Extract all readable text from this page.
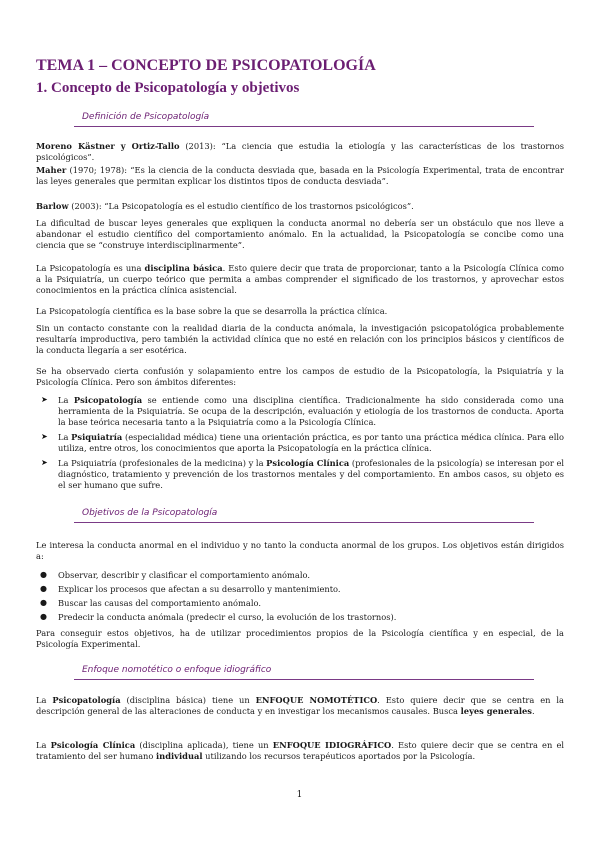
TEMA 1 – CONCEPTO DE PSICOPATOLOGÍA
1. Concepto de Psicopatología y objetivos
Definición de Psicopatología

Moreno Kästner y Ortiz-Tallo (2013): “La ciencia que estudia la etiología y las características de los trastornos psicológicos”.

Maher (1970; 1978): “Es la ciencia de la conducta desviada que, basada en la Psicología Experimental, trata de encontrar las leyes generales que permitan explicar los distintos tipos de conducta desviada”.

Barlow (2003): “La Psicopatología es el estudio científico de los trastornos psicológicos”.

La dificultad de buscar leyes generales que expliquen la conducta anormal no debería ser un obstáculo que nos lleve a abandonar el estudio científico del comportamiento anómalo. En la actualidad, la Psicopatología se concibe como una ciencia que se “construye interdisciplinarmente”.

La Psicopatología es una disciplina básica. Esto quiere decir que trata de proporcionar, tanto a la Psicología Clínica como a la Psiquiatría, un cuerpo teórico que permita a ambas comprender el significado de los trastornos, y aprovechar estos conocimientos en la práctica clínica asistencial.

La Psicopatología científica es la base sobre la que se desarrolla la práctica clínica.

Sin un contacto constante con la realidad diaria de la conducta anómala, la investigación psicopatológica probablemente resultaría improductiva, pero también la actividad clínica que no esté en relación con los principios básicos y científicos de la conducta llegaría a ser esotérica.

Se ha observado cierta confusión y solapamiento entre los campos de estudio de la Psicopatología, la Psiquiatría y la Psicología Clínica. Pero son ámbitos diferentes:

➤ La Psicopatología se entiende como una disciplina científica. Tradicionalmente ha sido considerada como una herramienta de la Psiquiatría. Se ocupa de la descripción, evaluación y etiología de los trastornos de conducta. Aporta la base teórica necesaria tanto a la Psiquiatría como a la Psicología Clínica.
➤ La Psiquiatría (especialidad médica) tiene una orientación práctica, es por tanto una práctica médica clínica. Para ello utiliza, entre otros, los conocimientos que aporta la Psicopatología en la práctica clínica.
➤ La Psiquiatría (profesionales de la medicina) y la Psicología Clínica (profesionales de la psicología) se interesan por el diagnóstico, tratamiento y prevención de los trastornos mentales y del comportamiento. En ambos casos, su objeto es el ser humano que sufre.
Objetivos de la Psicopatología

Le interesa la conducta anormal en el individuo y no tanto la conducta anormal de los grupos. Los objetivos están dirigidos a:

● Observar, describir y clasificar el comportamiento anómalo.
● Explicar los procesos que afectan a su desarrollo y mantenimiento.
● Buscar las causas del comportamiento anómalo.
● Predecir la conducta anómala (predecir el curso, la evolución de los trastornos).

Para conseguir estos objetivos, ha de utilizar procedimientos propios de la Psicología científica y en especial, de la Psicología Experimental.

Enfoque nomotético o enfoque idiográfico

La Psicopatología (disciplina básica) tiene un ENFOQUE NOMOTÉTICO. Esto quiere decir que se centra en la descripción general de las alteraciones de conducta y en investigar los mecanismos causales. Busca leyes generales.

La Psicología Clínica (disciplina aplicada), tiene un ENFOQUE IDIOGRÁFICO. Esto quiere decir que se centra en el tratamiento del ser humano individual utilizando los recursos terapéuticos aportados por la Psicología.

1
